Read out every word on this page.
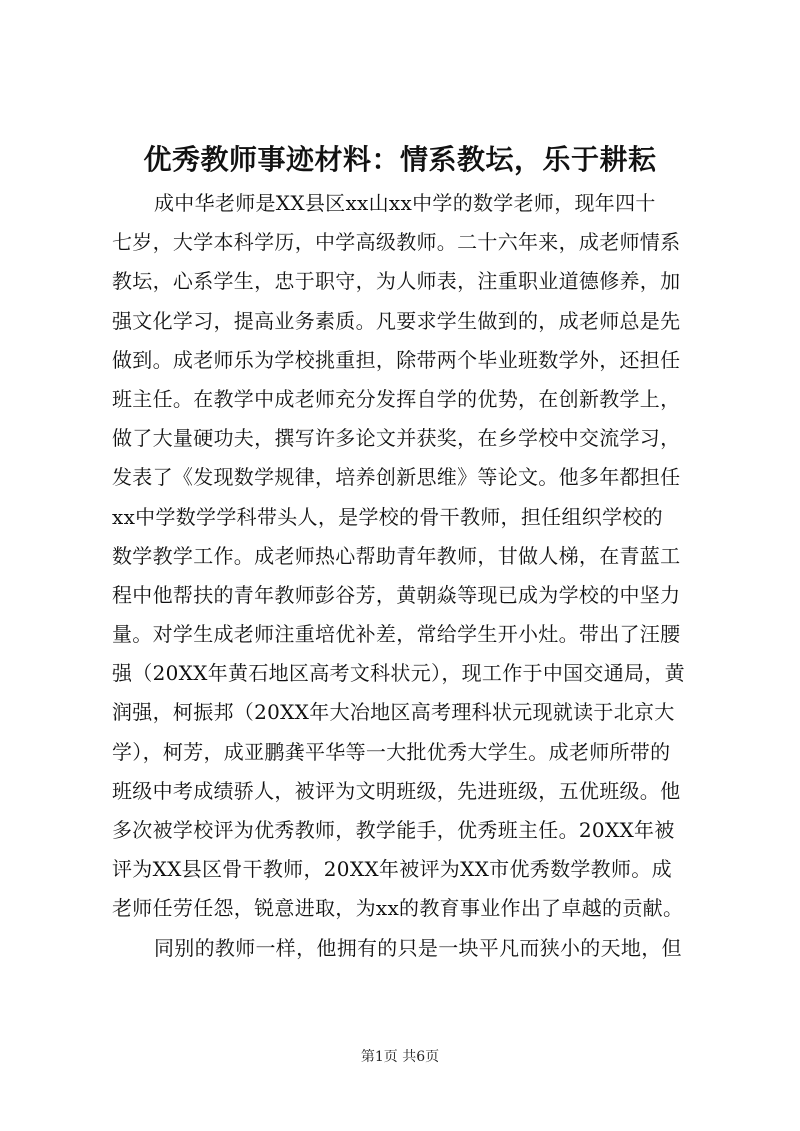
优秀教师事迹材料：情系教坛，乐于耕耘
成中华老师是XX县区xx山xx中学的数学老师，现年四十
七岁，大学本科学历，中学高级教师。二十六年来，成老师情系
教坛，心系学生，忠于职守，为人师表，注重职业道德修养，加
强文化学习，提高业务素质。凡要求学生做到的，成老师总是先
做到。成老师乐为学校挑重担，除带两个毕业班数学外，还担任
班主任。在教学中成老师充分发挥自学的优势，在创新教学上，
做了大量硬功夫，撰写许多论文并获奖，在乡学校中交流学习，
发表了《发现数学规律，培养创新思维》等论文。他多年都担任
xx中学数学学科带头人，是学校的骨干教师，担任组织学校的
数学教学工作。成老师热心帮助青年教师，甘做人梯，在青蓝工
程中他帮扶的青年教师彭谷芳，黄朝焱等现已成为学校的中坚力
量。对学生成老师注重培优补差，常给学生开小灶。带出了汪腰
强（20XX年黄石地区高考文科状元），现工作于中国交通局，黄
润强，柯振邦（20XX年大冶地区高考理科状元现就读于北京大
学），柯芳，成亚鹏龚平华等一大批优秀大学生。成老师所带的
班级中考成绩骄人，被评为文明班级，先进班级，五优班级。他
多次被学校评为优秀教师，教学能手，优秀班主任。20XX年被
评为XX县区骨干教师，20XX年被评为XX市优秀数学教师。成
老师任劳任怨，锐意进取，为xx的教育事业作出了卓越的贡献。
同别的教师一样，他拥有的只是一块平凡而狭小的天地，但
第1页 共6页
